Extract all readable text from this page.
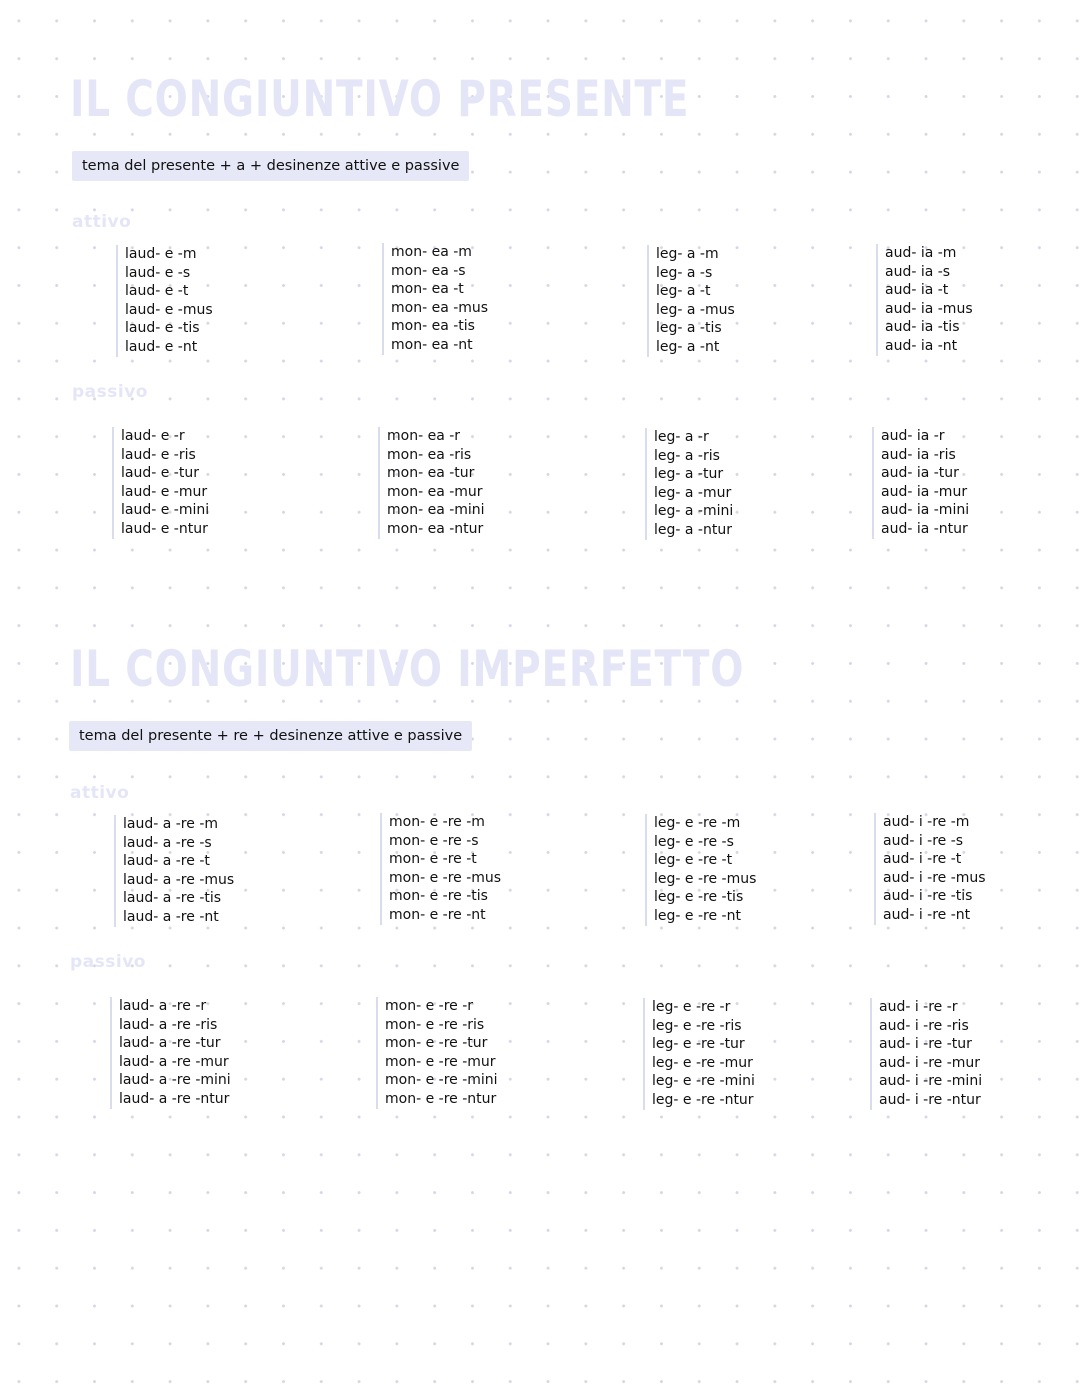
IL CONGIUNTIVO PRESENTE
tema del presente + a + desinenze attive e passive
attivo
laud- e -m
laud- e -s
laud- e -t
laud- e -mus
laud- e -tis
laud- e -nt
mon- ea -m
mon- ea -s
mon- ea -t
mon- ea -mus
mon- ea -tis
mon- ea -nt
leg- a -m
leg- a -s
leg- a -t
leg- a -mus
leg- a -tis
leg- a -nt
aud- ia -m
aud- ia -s
aud- ia -t
aud- ia -mus
aud- ia -tis
aud- ia -nt
passivo
laud- e -r
laud- e -ris
laud- e -tur
laud- e -mur
laud- e -mini
laud- e -ntur
mon- ea -r
mon- ea -ris
mon- ea -tur
mon- ea -mur
mon- ea -mini
mon- ea -ntur
leg- a -r
leg- a -ris
leg- a -tur
leg- a -mur
leg- a -mini
leg- a -ntur
aud- ia -r
aud- ia -ris
aud- ia -tur
aud- ia -mur
aud- ia -mini
aud- ia -ntur
IL CONGIUNTIVO IMPERFETTO
tema del presente + re + desinenze attive e passive
attivo
laud- a -re -m
laud- a -re -s
laud- a -re -t
laud- a -re -mus
laud- a -re -tis
laud- a -re -nt
mon- e -re -m
mon- e -re -s
mon- e -re -t
mon- e -re -mus
mon- e -re -tis
mon- e -re -nt
leg- e -re -m
leg- e -re -s
leg- e -re -t
leg- e -re -mus
leg- e -re -tis
leg- e -re -nt
aud- i -re -m
aud- i -re -s
aud- i -re -t
aud- i -re -mus
aud- i -re -tis
aud- i -re -nt
passivo
laud- a -re -r
laud- a -re -ris
laud- a -re -tur
laud- a -re -mur
laud- a -re -mini
laud- a -re -ntur
mon- e -re -r
mon- e -re -ris
mon- e -re -tur
mon- e -re -mur
mon- e -re -mini
mon- e -re -ntur
leg- e -re -r
leg- e -re -ris
leg- e -re -tur
leg- e -re -mur
leg- e -re -mini
leg- e -re -ntur
aud- i -re -r
aud- i -re -ris
aud- i -re -tur
aud- i -re -mur
aud- i -re -mini
aud- i -re -ntur
